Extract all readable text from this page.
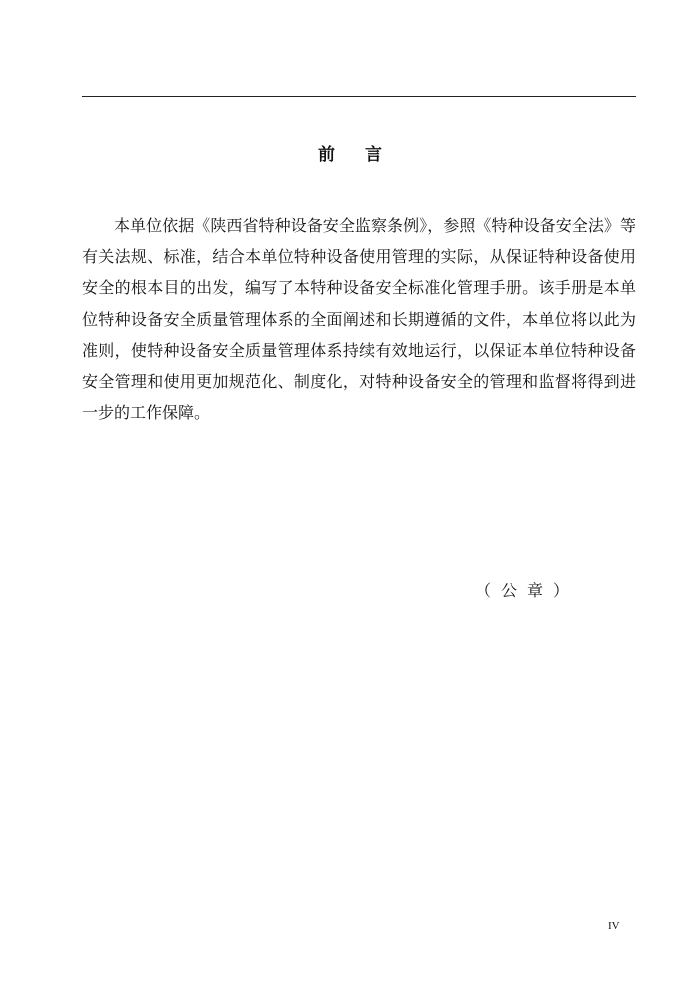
前言

本单位依据《陕西省特种设备安全监察条例》，参照《特种设备安全法》等有关法规、标准，结合本单位特种设备使用管理的实际，从保证特种设备使用安全的根本目的出发，编写了本特种设备安全标准化管理手册。该手册是本单位特种设备安全质量管理体系的全面阐述和长期遵循的文件，本单位将以此为准则，使特种设备安全质量管理体系持续有效地运行，以保证本单位特种设备安全管理和使用更加规范化、制度化，对特种设备安全的管理和监督将得到进一步的工作保障。

（公章）
IV
